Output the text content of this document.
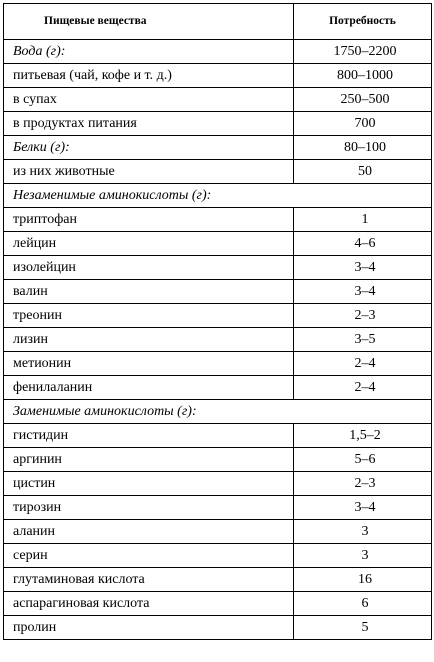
Пищевые вещества	Потребность
Вода (г):	1750–2200
питьевая (чай, кофе и т. д.)	800–1000
в супах	250–500
в продуктах питания	700
Белки (г):	80–100
из них животные	50
Незаменимые аминокислоты (г):	
триптофан	1
лейцин	4–6
изолейцин	3–4
валин	3–4
треонин	2–3
лизин	3–5
метионин	2–4
фенилаланин	2–4
Заменимые аминокислоты (г):	
гистидин	1,5–2
аргинин	5–6
цистин	2–3
тирозин	3–4
аланин	3
серин	3
глутаминовая кислота	16
аспарагиновая кислота	6
пролин	5
